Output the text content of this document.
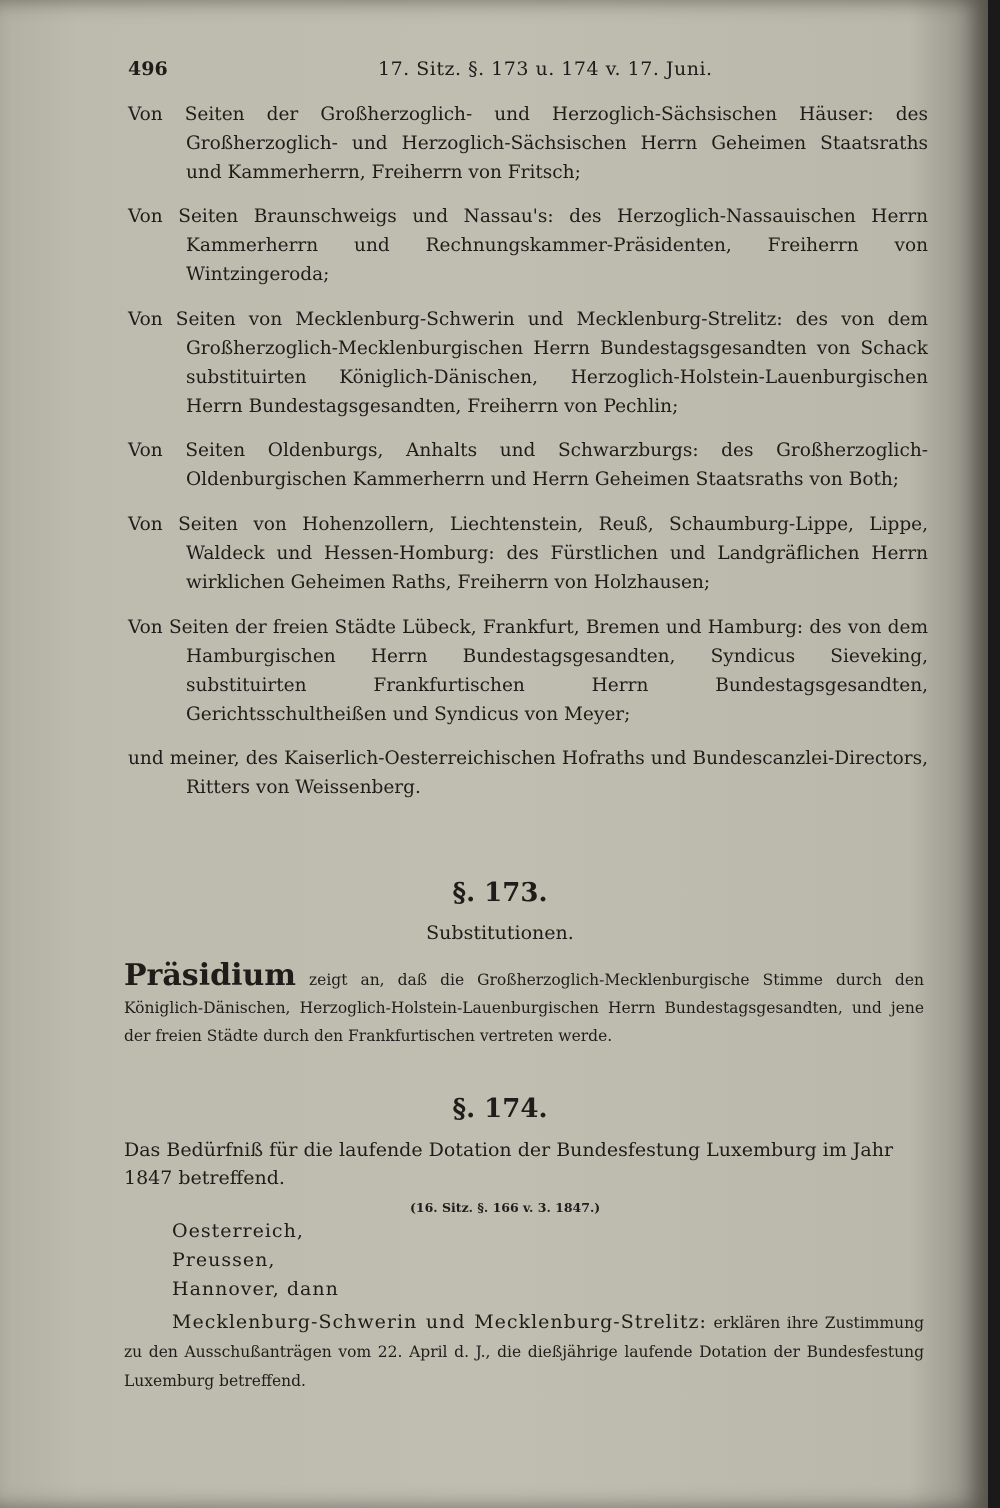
496	17. Sitz. §. 173 u. 174 v. 17. Juni.
Von Seiten der Großherzoglich- und Herzoglich-Sächsischen Häuser: des Großherzoglich- und Herzoglich-Sächsischen Herrn Geheimen Staatsraths und Kammerherrn, Freiherrn von Fritsch;
Von Seiten Braunschweigs und Nassau's: des Herzoglich-Nassauischen Herrn Kammerherrn und Rechnungskammer-Präsidenten, Freiherrn von Wintzingeroda;
Von Seiten von Mecklenburg-Schwerin und Mecklenburg-Strelitz: des von dem Großherzoglich-Mecklenburgischen Herrn Bundestagsgesandten von Schack substituirten Königlich-Dänischen, Herzoglich-Holstein-Lauenburgischen Herrn Bundestagsgesandten, Freiherrn von Pechlin;
Von Seiten Oldenburgs, Anhalts und Schwarzburgs: des Großherzoglich-Oldenburgischen Kammerherrn und Herrn Geheimen Staatsraths von Both;
Von Seiten von Hohenzollern, Liechtenstein, Reuß, Schaumburg-Lippe, Lippe, Waldeck und Hessen-Homburg: des Fürstlichen und Landgräflichen Herrn wirklichen Geheimen Raths, Freiherrn von Holzhausen;
Von Seiten der freien Städte Lübeck, Frankfurt, Bremen und Hamburg: des von dem Hamburgischen Herrn Bundestagsgesandten, Syndicus Sieveking, substituirten Frankfurtischen Herrn Bundestagsgesandten, Gerichtsschultheißen und Syndicus von Meyer;
und meiner, des Kaiserlich-Oesterreichischen Hofraths und Bundescanzlei-Directors, Ritters von Weissenberg.
§. 173.
Substitutionen.
Präsidium zeigt an, daß die Großherzoglich-Mecklenburgische Stimme durch den Königlich-Dänischen, Herzoglich-Holstein-Lauenburgischen Herrn Bundestagsgesandten, und jene der freien Städte durch den Frankfurtischen vertreten werde.
§. 174.
Das Bedürfniß für die laufende Dotation der Bundesfestung Luxemburg im Jahr 1847 betreffend.
(16. Sitz. §. 166 v. 3. 1847.)
Oesterreich,
Preussen,
Hannover, dann
Mecklenburg-Schwerin und Mecklenburg-Strelitz: erklären ihre Zustimmung zu den Ausschußanträgen vom 22. April d. J., die dießjährige laufende Dotation der Bundesfestung Luxemburg betreffend.
